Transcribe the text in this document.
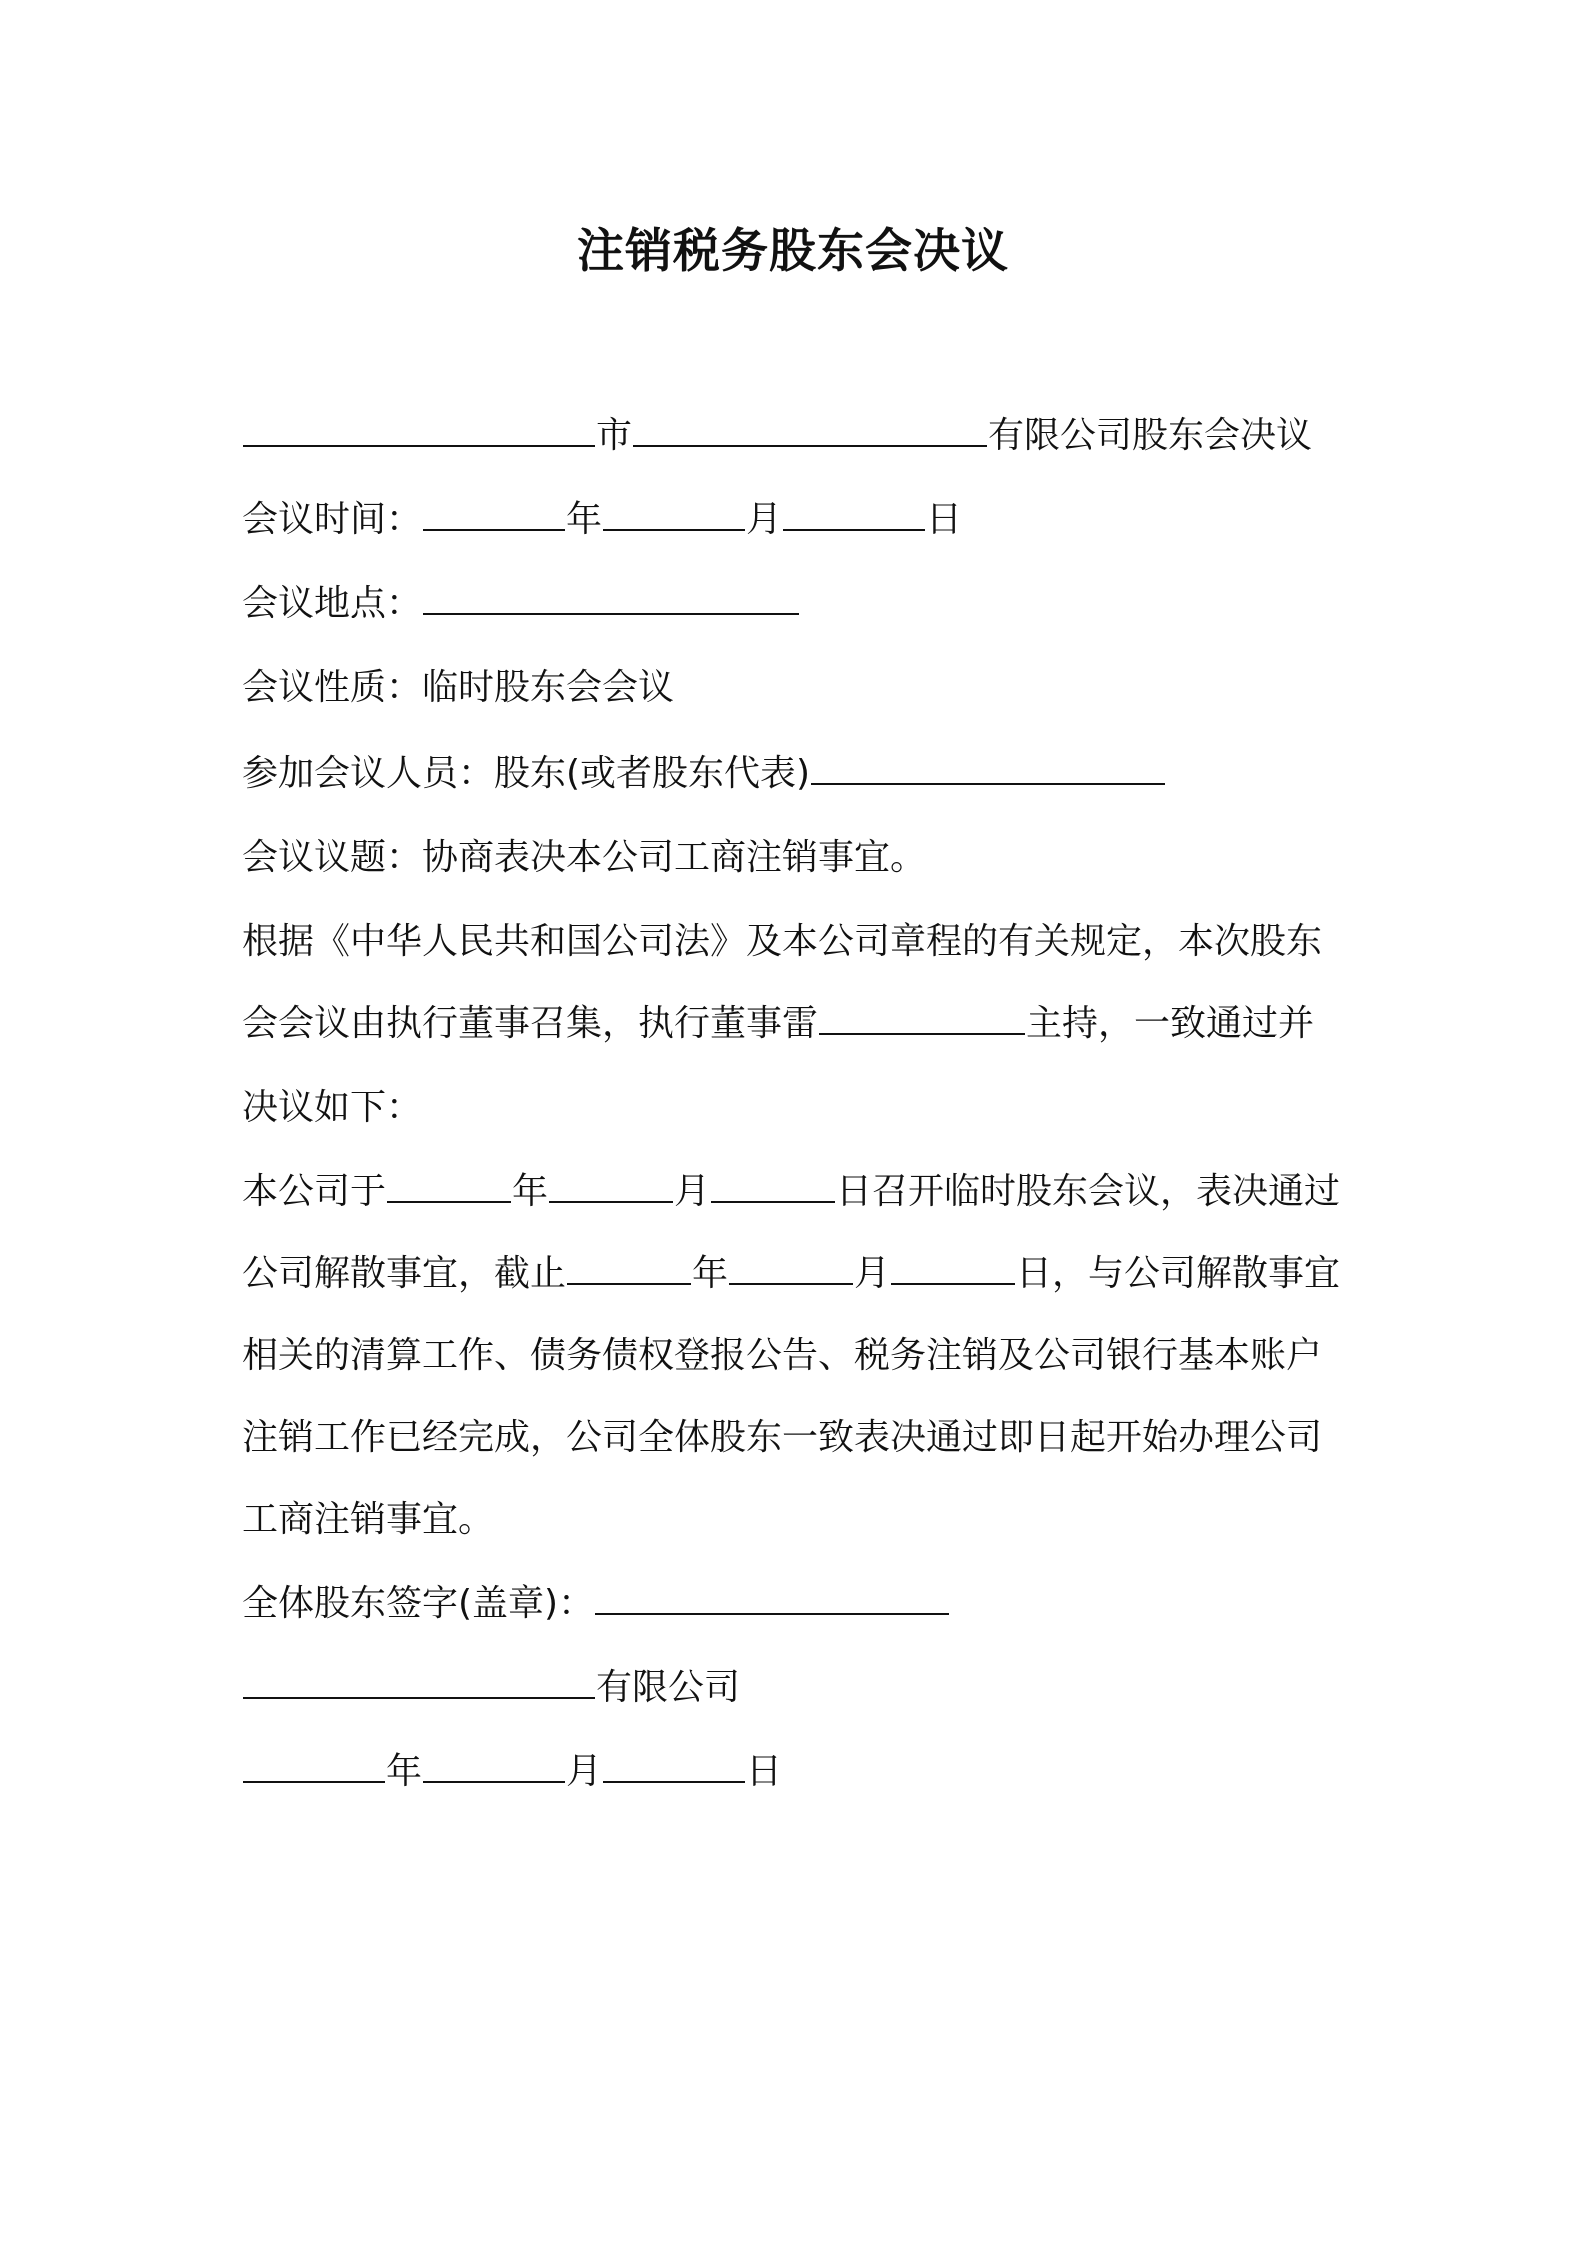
注销税务股东会决议
市	有限公司股东会决议
会议时间：	年	月	日
会议地点：
会议性质：临时股东会会议
参加会议人员：股东(或者股东代表)
会议议题：协商表决本公司工商注销事宜。
根据《中华人民共和国公司法》及本公司章程的有关规定，本次股东
会会议由执行董事召集，执行董事雷	主持，一致通过并
决议如下：
本公司于	年	月	日召开临时股东会议，表决通过
公司解散事宜，截止	年	月	日，与公司解散事宜
相关的清算工作、债务债权登报公告、税务注销及公司银行基本账户
注销工作已经完成，公司全体股东一致表决通过即日起开始办理公司
工商注销事宜。
全体股东签字(盖章)：
有限公司
年	月	日
